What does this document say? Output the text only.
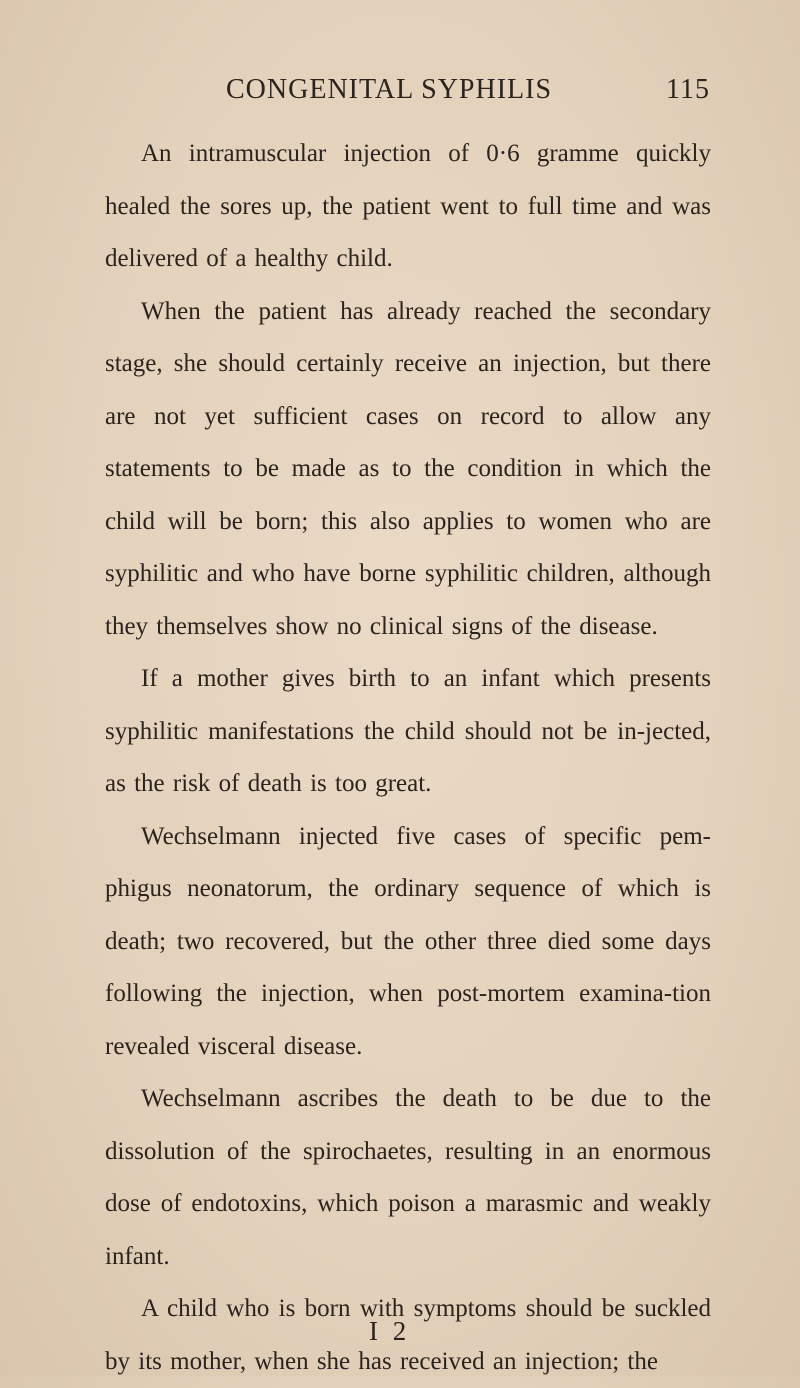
CONGENITAL SYPHILIS	115

An intramuscular injection of 0·6 gramme quickly healed the sores up, the patient went to full time and was delivered of a healthy child.

When the patient has already reached the secondary stage, she should certainly receive an injection, but there are not yet sufficient cases on record to allow any statements to be made as to the condition in which the child will be born; this also applies to women who are syphilitic and who have borne syphilitic children, although they themselves show no clinical signs of the disease.

If a mother gives birth to an infant which presents syphilitic manifestations the child should not be in-jected, as the risk of death is too great.

Wechselmann injected five cases of specific pem-phigus neonatorum, the ordinary sequence of which is death; two recovered, but the other three died some days following the injection, when post-mortem examina-tion revealed visceral disease.

Wechselmann ascribes the death to be due to the dissolution of the spirochaetes, resulting in an enormous dose of endotoxins, which poison a marasmic and weakly infant.

A child who is born with symptoms should be suckled by its mother, when she has received an injection; the

I 2
